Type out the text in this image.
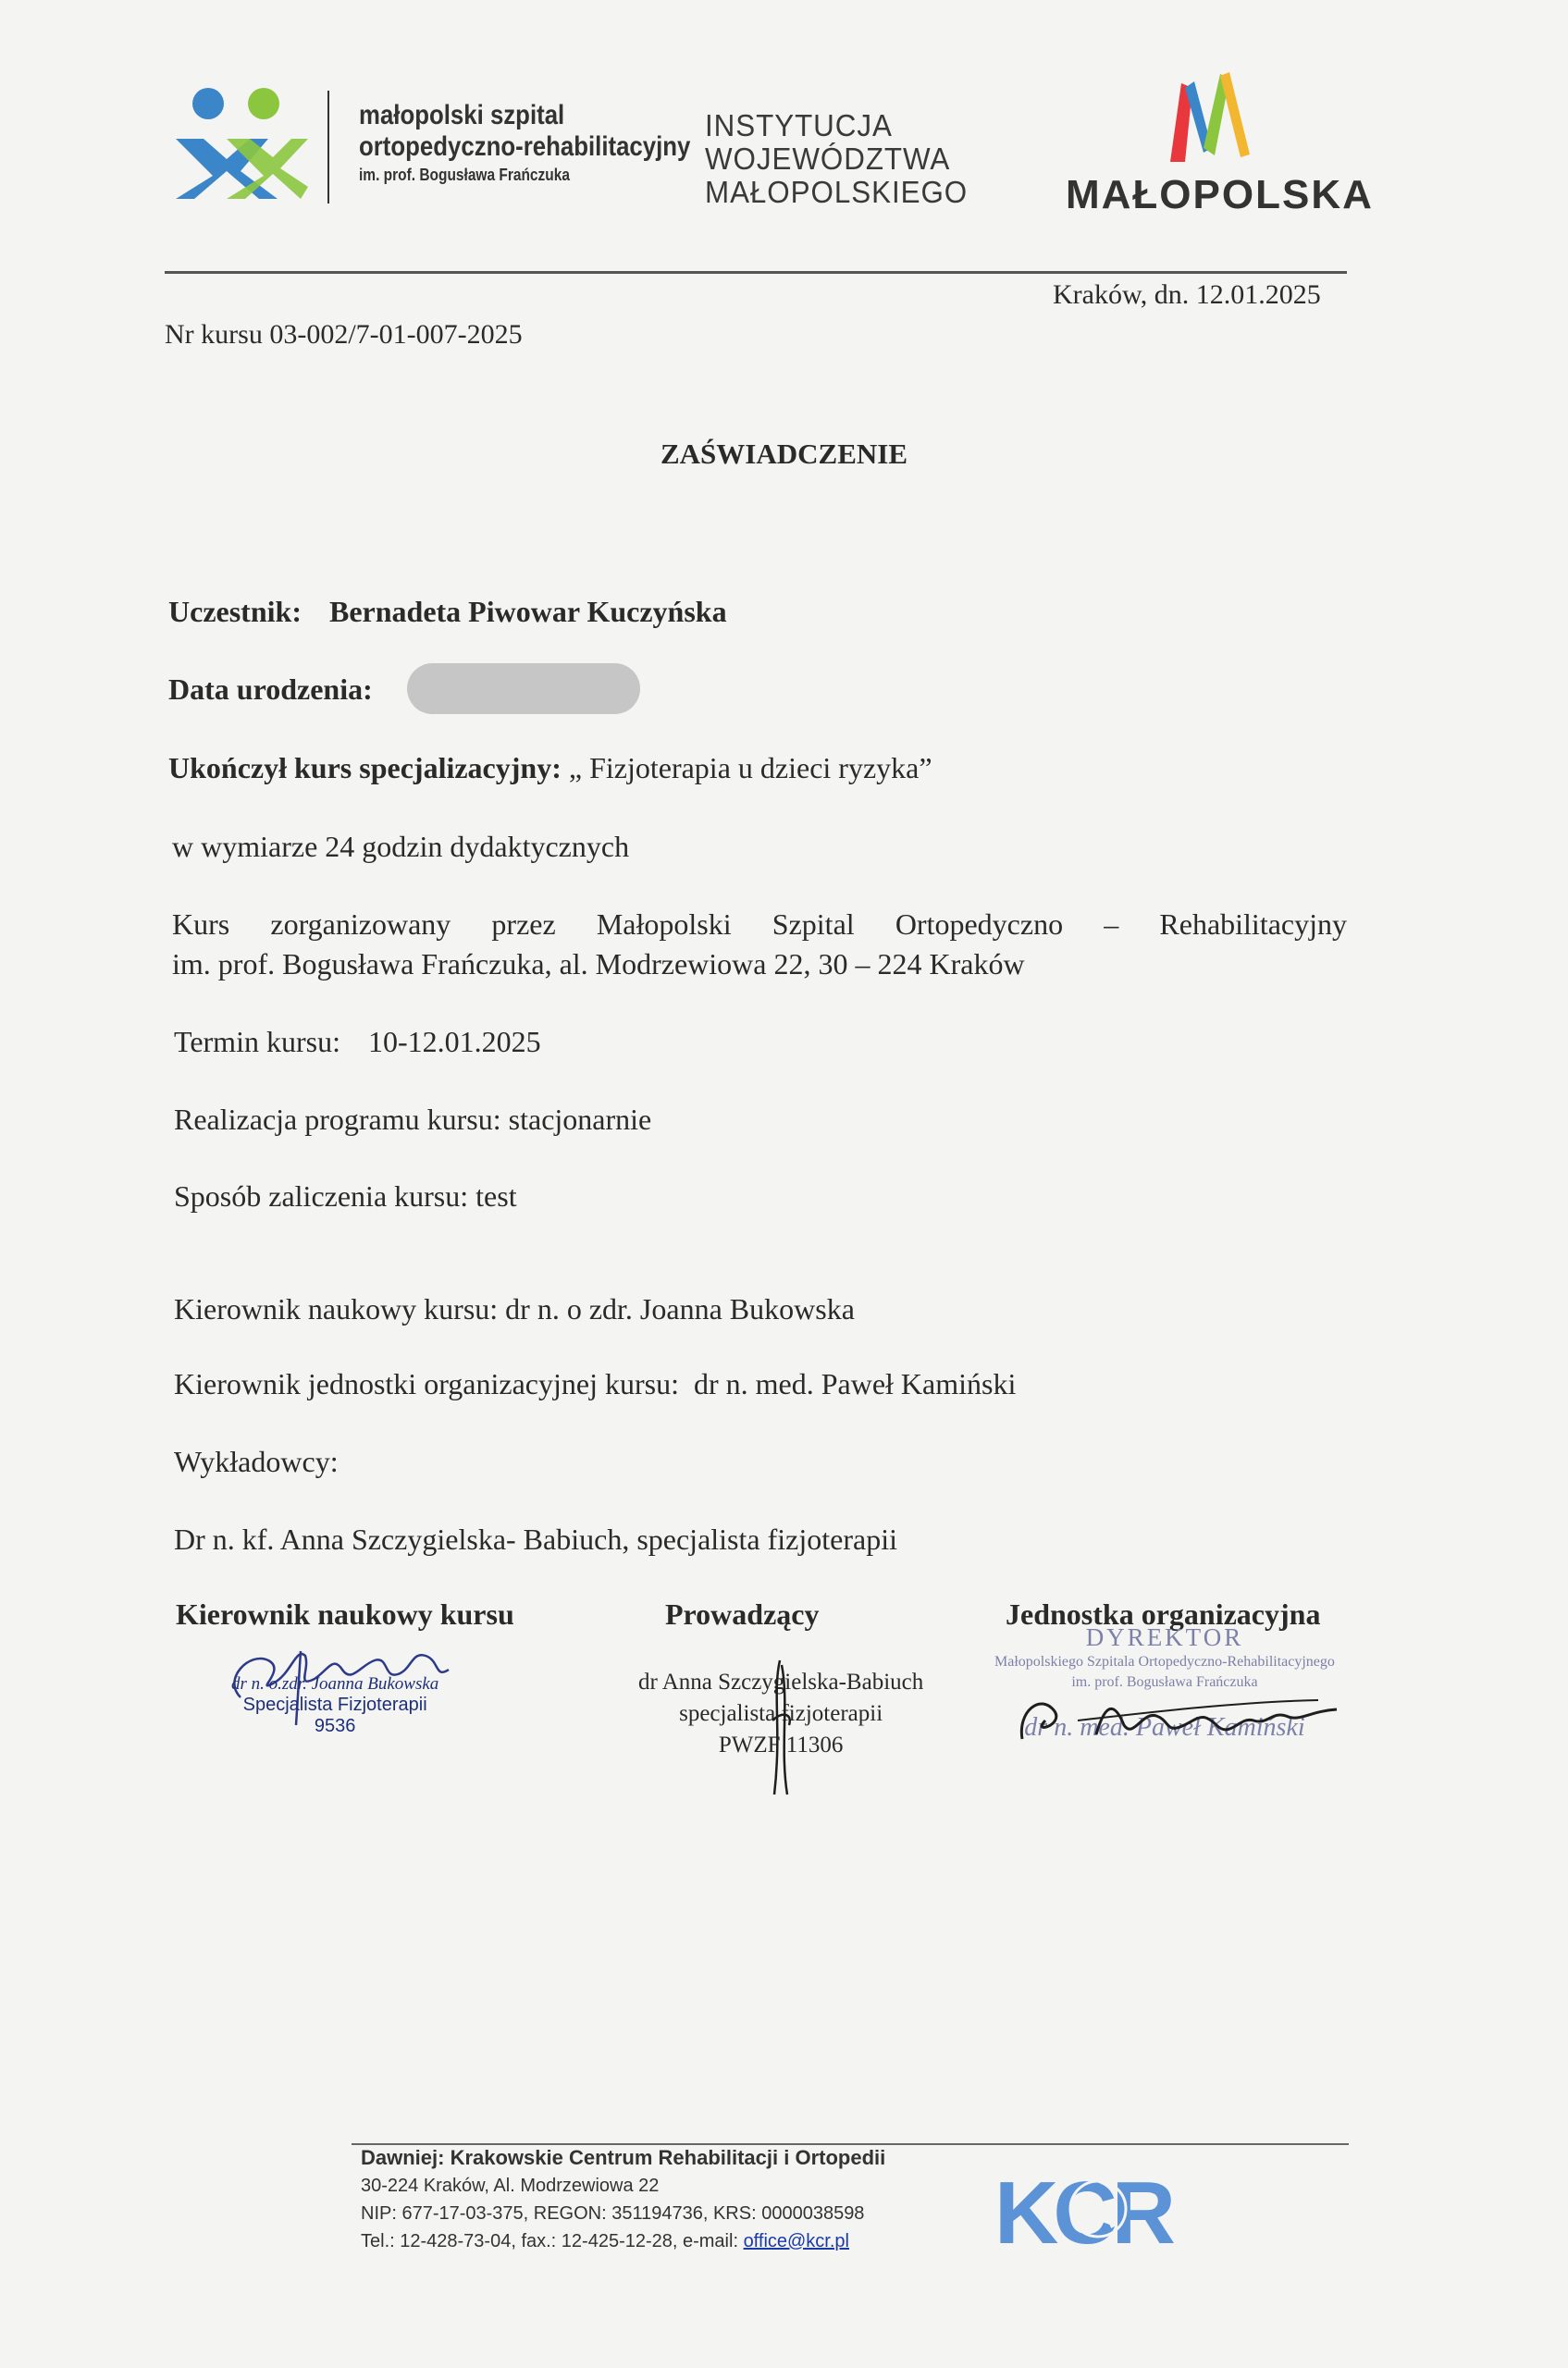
małopolski szpital
ortopedyczno-rehabilitacyjny
im. prof. Bogusława Frańczuka
INSTYTUCJA
WOJEWÓDZTWA
MAŁOPOLSKIEGO MAŁOPOLSKA
Kraków, dn. 12.01.2025
Nr kursu 03-002/7-01-007-2025
ZAŚWIADCZENIE
Uczestnik: Bernadeta Piwowar Kuczyńska
Data urodzenia:
Ukończył kurs specjalizacyjny: „ Fizjoterapia u dzieci ryzyka”
w wymiarze 24 godzin dydaktycznych
Kurs zorganizowany przez Małopolski Szpital Ortopedyczno – Rehabilitacyjny
im. prof. Bogusława Frańczuka, al. Modrzewiowa 22, 30 – 224 Kraków
Termin kursu: 10-12.01.2025
Realizacja programu kursu: stacjonarnie
Sposób zaliczenia kursu: test
Kierownik naukowy kursu: dr n. o zdr. Joanna Bukowska
Kierownik jednostki organizacyjnej kursu: dr n. med. Paweł Kamiński
Wykładowcy:
Dr n. kf. Anna Szczygielska- Babiuch, specjalista fizjoterapii
Kierownik naukowy kursu	Prowadzący	Jednostka organizacyjna
dr n. o.zdr. Joanna Bukowska
Specjalista Fizjoterapii
9536
dr Anna Szczygielska-Babiuch
specjalista fizjoterapii
PWZF 11306
DYREKTOR
Małopolskiego Szpitala Ortopedyczno-Rehabilitacyjnego
im. prof. Bogusława Frańczuka
dr n. med. Paweł Kamiński
Dawniej: Krakowskie Centrum Rehabilitacji i Ortopedii
30-224 Kraków, Al. Modrzewiowa 22
NIP: 677-17-03-375, REGON: 351194736, KRS: 0000038598
Tel.: 12-428-73-04, fax.: 12-425-12-28, e-mail: office@kcr.pl	KCR
